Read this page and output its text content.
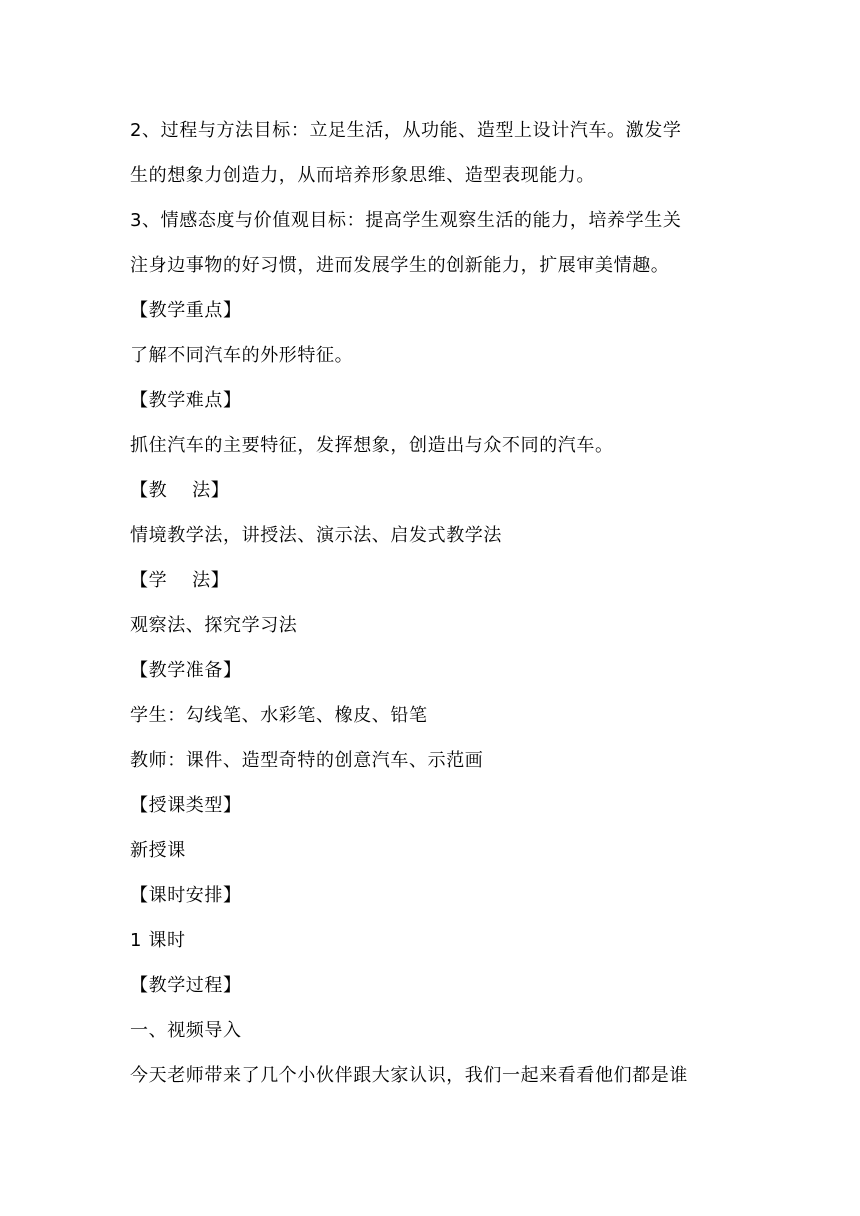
2、过程与方法目标：立足生活，从功能、造型上设计汽车。激发学
生的想象力创造力，从而培养形象思维、造型表现能力。
3、情感态度与价值观目标：提高学生观察生活的能力，培养学生关
注身边事物的好习惯，进而发展学生的创新能力，扩展审美情趣。
【教学重点】
了解不同汽车的外形特征。
【教学难点】
抓住汽车的主要特征，发挥想象，创造出与众不同的汽车。
【教　 法】
情境教学法，讲授法、演示法、启发式教学法
【学　 法】
观察法、探究学习法
【教学准备】
学生：勾线笔、水彩笔、橡皮、铅笔
教师：课件、造型奇特的创意汽车、示范画
【授课类型】
新授课
【课时安排】
1 课时
【教学过程】
一、视频导入
今天老师带来了几个小伙伴跟大家认识，我们一起来看看他们都是谁
